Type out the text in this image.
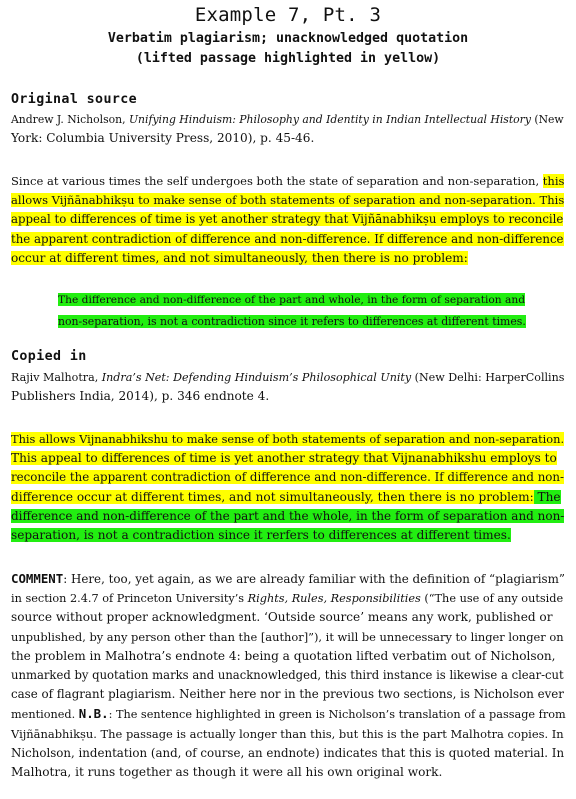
Example 7, Pt. 3
Verbatim plagiarism; unacknowledged quotation
(lifted passage highlighted in yellow)
Original source
Andrew J. Nicholson, Unifying Hinduism: Philosophy and Identity in Indian Intellectual History (New
York: Columbia University Press, 2010), p. 45-46.
Since at various times the self undergoes both the state of separation and non-separation, this
allows Vijñānabhikṣu to make sense of both statements of separation and non-separation. This
appeal to differences of time is yet another strategy that Vijñānabhikṣu employs to reconcile
the apparent contradiction of difference and non-difference. If difference and non-difference
occur at different times, and not simultaneously, then there is no problem:
The difference and non-difference of the part and whole, in the form of separation and
non-separation, is not a contradiction since it refers to differences at different times.
Copied in
Rajiv Malhotra, Indra’s Net: Defending Hinduism’s Philosophical Unity (New Delhi: HarperCollins
Publishers India, 2014), p. 346 endnote 4.
This allows Vijnanabhikshu to make sense of both statements of separation and non-separation.
This appeal to differences of time is yet another strategy that Vijnanabhikshu employs to
reconcile the apparent contradiction of difference and non-difference. If difference and non-
difference occur at different times, and not simultaneously, then there is no problem: The
difference and non-difference of the part and the whole, in the form of separation and non-
separation, is not a contradiction since it rerfers to differences at different times.
COMMENT: Here, too, yet again, as we are already familiar with the definition of “plagiarism”
in section 2.4.7 of Princeton University’s Rights, Rules, Responsibilities (“The use of any outside
source without proper acknowledgment. ‘Outside source’ means any work, published or
unpublished, by any person other than the [author]”), it will be unnecessary to linger longer on
the problem in Malhotra’s endnote 4: being a quotation lifted verbatim out of Nicholson,
unmarked by quotation marks and unacknowledged, this third instance is likewise a clear-cut
case of flagrant plagiarism. Neither here nor in the previous two sections, is Nicholson ever
mentioned. N.B.: The sentence highlighted in green is Nicholson’s translation of a passage from
Vijñānabhikṣu. The passage is actually longer than this, but this is the part Malhotra copies. In
Nicholson, indentation (and, of course, an endnote) indicates that this is quoted material. In
Malhotra, it runs together as though it were all his own original work.
